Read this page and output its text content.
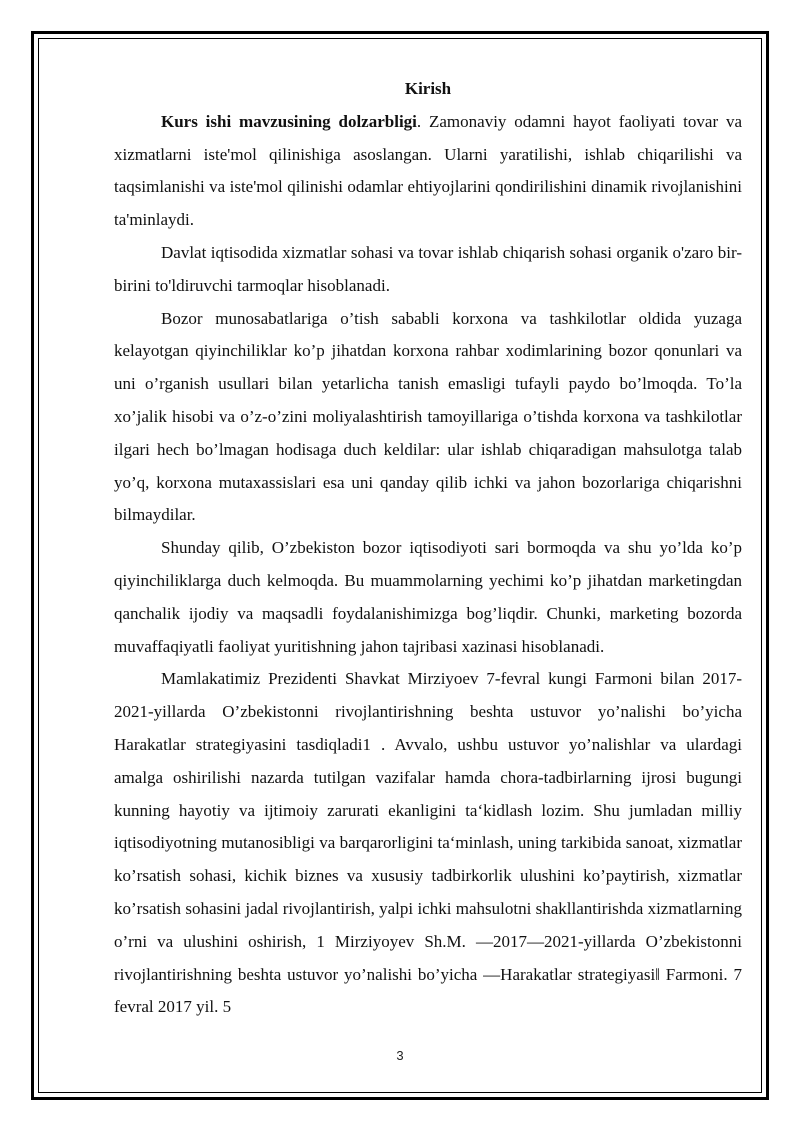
Kirish

Kurs ishi mavzusining dolzarbligi. Zamonaviy odamni hayot faoliyati tovar va xizmatlarni iste'mol qilinishiga asoslangan. Ularni yaratilishi, ishlab chiqarilishi va taqsimlanishi va iste'mol qilinishi odamlar ehtiyojlarini qondirilishini dinamik rivojlanishini ta'minlaydi.

Davlat iqtisodida xizmatlar sohasi va tovar ishlab chiqarish sohasi organik o'zaro bir-birini to'ldiruvchi tarmoqlar hisoblanadi.

Bozor munosabatlariga o’tish sababli korxona va tashkilotlar oldida yuzaga kelayotgan qiyinchiliklar ko’p jihatdan korxona rahbar xodimlarining bozor qonunlari va uni o’rganish usullari bilan yetarlicha tanish emasligi tufayli paydo bo’lmoqda. To’la xo’jalik hisobi va o’z-o’zini moliyalashtirish tamoyillariga o’tishda korxona va tashkilotlar ilgari hech bo’lmagan hodisaga duch keldilar: ular ishlab chiqaradigan mahsulotga talab yo’q, korxona mutaxassislari esa uni qanday qilib ichki va jahon bozorlariga chiqarishni bilmaydilar.

Shunday qilib, O’zbekiston bozor iqtisodiyoti sari bormoqda va shu yo’lda ko’p qiyinchiliklarga duch kelmoqda. Bu muammolarning yechimi ko’p jihatdan marketingdan qanchalik ijodiy va maqsadli foydalanishimizga bog’liqdir. Chunki, marketing bozorda muvaffaqiyatli faoliyat yuritishning jahon tajribasi xazinasi hisoblanadi.

Mamlakatimiz Prezidenti Shavkat Mirziyoev 7-fevral kungi Farmoni bilan 2017-2021-yillarda O’zbekistonni rivojlantirishning beshta ustuvor yo’nalishi bo’yicha Harakatlar strategiyasini tasdiqladi1 . Avvalo, ushbu ustuvor yo’nalishlar va ulardagi amalga oshirilishi nazarda tutilgan vazifalar hamda chora-tadbirlarning ijrosi bugungi kunning hayotiy va ijtimoiy zarurati ekanligini ta‘kidlash lozim. Shu jumladan milliy iqtisodiyotning mutanosibligi va barqarorligini ta‘minlash, uning tarkibida sanoat, xizmatlar ko’rsatish sohasi, kichik biznes va xususiy tadbirkorlik ulushini ko’paytirish, xizmatlar ko’rsatish sohasini jadal rivojlantirish, yalpi ichki mahsulotni shakllantirishda xizmatlarning o’rni va ulushini oshirish, 1 Mirziyoyev Sh.M. ―2017—2021-yillarda O’zbekistonni rivojlantirishning beshta ustuvor yo’nalishi bo’yicha ―Harakatlar strategiyasi‖ Farmoni. 7 fevral 2017 yil. 5

3
